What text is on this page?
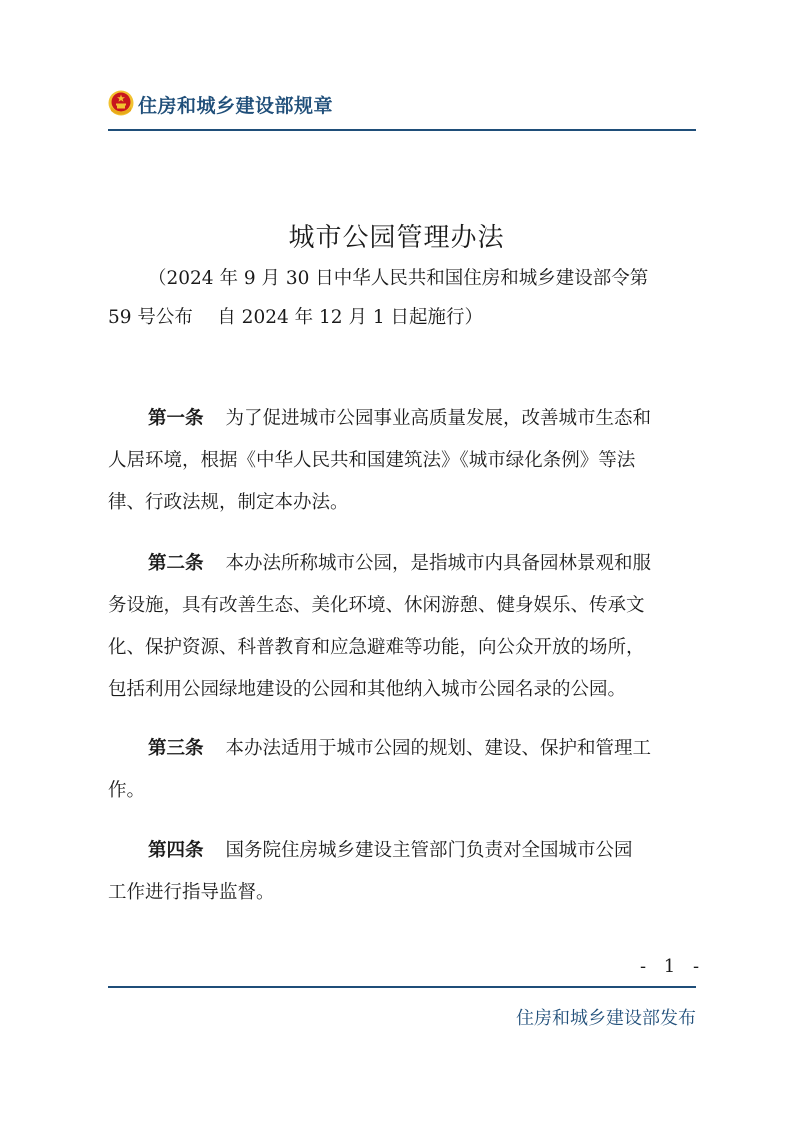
住房和城乡建设部规章
城市公园管理办法
（2024 年 9 月 30 日中华人民共和国住房和城乡建设部令第
59 号公布　 自 2024 年 12 月 1 日起施行）
第一条 为了促进城市公园事业高质量发展，改善城市生态和
人居环境，根据《中华人民共和国建筑法》《城市绿化条例》等法
律、行政法规，制定本办法。
第二条 本办法所称城市公园，是指城市内具备园林景观和服
务设施，具有改善生态、美化环境、休闲游憩、健身娱乐、传承文
化、保护资源、科普教育和应急避难等功能，向公众开放的场所，
包括利用公园绿地建设的公园和其他纳入城市公园名录的公园。
第三条 本办法适用于城市公园的规划、建设、保护和管理工
作。
第四条 国务院住房城乡建设主管部门负责对全国城市公园
工作进行指导监督。
- 1 -
住房和城乡建设部发布
